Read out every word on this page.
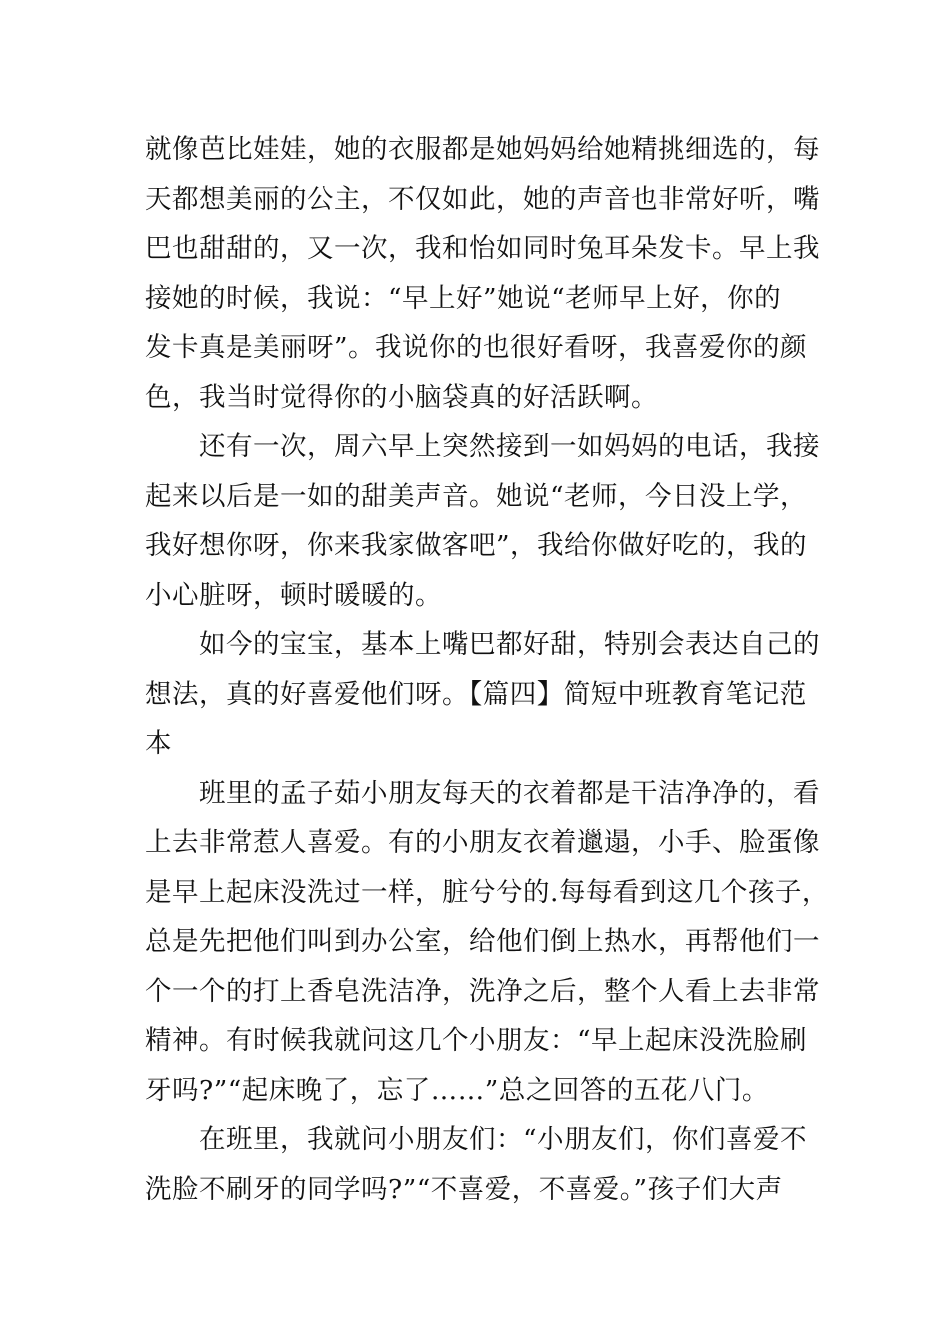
就像芭比娃娃，她的衣服都是她妈妈给她精挑细选的，每
天都想美丽的公主，不仅如此，她的声音也非常好听，嘴
巴也甜甜的，又一次，我和怡如同时兔耳朵发卡。早上我
接她的时候，我说：“早上好”她说“老师早上好，你的
发卡真是美丽呀”。我说你的也很好看呀，我喜爱你的颜
色，我当时觉得你的小脑袋真的好活跃啊。
还有一次，周六早上突然接到一如妈妈的电话，我接
起来以后是一如的甜美声音。她说“老师，今日没上学，
我好想你呀，你来我家做客吧”，我给你做好吃的，我的
小心脏呀，顿时暖暖的。
如今的宝宝，基本上嘴巴都好甜，特别会表达自己的
想法，真的好喜爱他们呀。【篇四】简短中班教育笔记范
本
班里的孟子茹小朋友每天的衣着都是干洁净净的，看
上去非常惹人喜爱。有的小朋友衣着邋遢，小手、脸蛋像
是早上起床没洗过一样，脏兮兮的.每每看到这几个孩子，
总是先把他们叫到办公室，给他们倒上热水，再帮他们一
个一个的打上香皂洗洁净，洗净之后，整个人看上去非常
精神。有时候我就问这几个小朋友：“早上起床没洗脸刷
牙吗?”“起床晚了，忘了……”总之回答的五花八门。
在班里，我就问小朋友们：“小朋友们，你们喜爱不
洗脸不刷牙的同学吗?”“不喜爱，不喜爱。”孩子们大声
